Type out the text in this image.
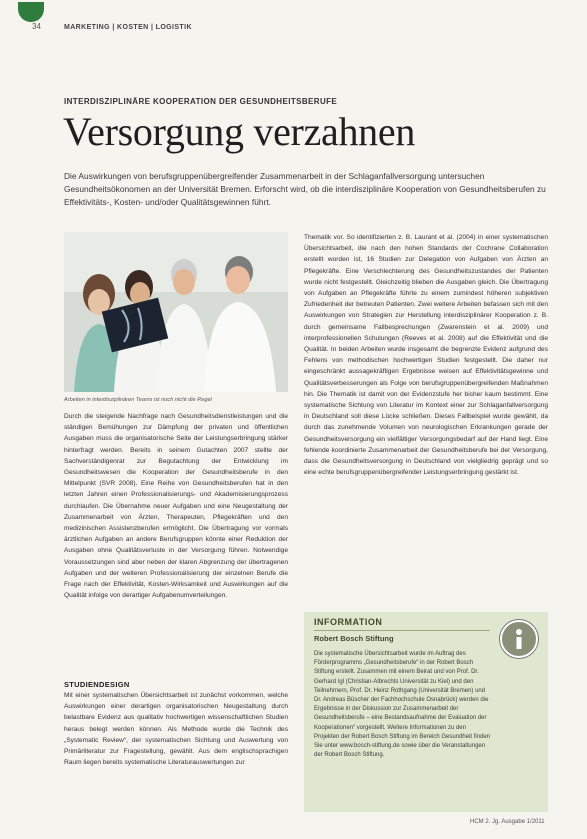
34	MARKETING | KOSTEN | LOGISTIK
INTERDISZIPLINÄRE KOOPERATION DER GESUNDHEITSBERUFE
Versorgung verzahnen
Die Auswirkungen von berufsgruppenübergreifender Zusammenarbeit in der Schlaganfallversorgung untersuchen Gesundheitsökonomen an der Universität Bremen. Erforscht wird, ob die interdisziplinäre Kooperation von Gesundheitsberufen zu Effektivitäts-, Kosten- und/oder Qualitätsgewinnen führt.
Arbeiten in interdisziplinären Teams ist noch nicht die Regel

Durch die steigende Nachfrage nach Gesundheitsdienstleistungen und die ständigen Bemühungen zur Dämpfung der privaten und öffentlichen Ausgaben muss die organisatorische Seite der Leistungserbringung stärker hinterfragt werden. Bereits in seinem Gutachten 2007 stellte der Sachverständigenrat zur Begutachtung der Entwicklung im Gesundheitswesen die Kooperation der Gesundheitsberufe in den Mittelpunkt (SVR 2008). Eine Reihe von Gesundheitsberufen hat in den letzten Jahren einen Professionalisierungs- und Akademisierungsprozess durchlaufen. Die Übernahme neuer Aufgaben und eine Neugestaltung der Zusammenarbeit von Ärzten, Therapeuten, Pflegekräften und den medizinischen Assistenzberufen ermöglicht. Die Übertragung vor vormals ärztlichen Aufgaben an andere Berufsgruppen könnte einer Reduktion der Ausgaben ohne Qualitätsverluste in der Versorgung führen. Notwendige Voraussetzungen sind aber neben der klaren Abgrenzung der übertragenen Aufgaben und der weiteren Professionalisierung der einzelnen Berufe die Frage nach der Effektivität, Kosten-Wirksamkeit und Auswirkungen auf die Qualität infolge von derartiger Aufgabenumverteilungen.

STUDIENDESIGN

Mit einer systematischen Übersichtsarbeit ist zunächst vorkommen, welche Auswirkungen einer derartigen organisatorischen Neugestaltung durch belastbare Evidenz aus qualitativ hochwertigen wissenschaftlichen Studien heraus belegt werden können. Als Methode wurde die Technik des „Systematic Review“, der systematischen Sichtung und Auswertung von Primärliteratur zur Fragestellung, gewählt. Aus dem englischsprachigen Raum liegen bereits systematische Literaturauswertungen zur

Thematik vor. So identifizierten z. B. Laurant et al. (2004) in einer systematischen Übersichtsarbeit, die nach den hohen Standards der Cochrane Collaboration erstellt worden ist, 16 Studien zur Delegation von Aufgaben von Ärzten an Pflegekräfte. Eine Verschlechterung des Gesundheitszustandes der Patienten wurde nicht festgestellt. Gleichzeitig blieben die Ausgaben gleich. Die Übertragung von Aufgaben an Pflegekräfte führte zu einem zumindest höheren subjektiven Zufriedenheit der betreuten Patienten. Zwei weitere Arbeiten befassen sich mit den Auswirkungen von Strategien zur Herstellung interdisziplinärer Kooperation z. B. durch gemeinsame Fallbesprechungen (Zwarenstein et al. 2009) und interprofessionellen Schulungen (Reeves et al. 2008) auf die Effektivität und die Qualität. In beiden Arbeiten wurde insgesamt die begrenzte Evidenz aufgrund des Fehlens von methodischen hochwertigen Studien festgestellt. Die daher nur eingeschränkt aussagekräftigen Ergebnisse weisen auf Effektivitätsgewinne und Qualitätsverbesserungen als Folge von berufsgruppenübergreifenden Maßnahmen hin. Die Thematik ist damit von der Evidenzstufe her bisher kaum bestimmt. Eine systematische Sichtung von Literatur im Kontext einer zur Schlaganfallversorgung in Deutschland soll diese Lücke schließen. Dieses Fallbeispiel wurde gewählt, da durch das zunehmende Volumen von neurologischen Erkrankungen gerade der Gesundheitsversorgung ein vielfältiger Versorgungsbedarf auf der Hand liegt. Eine fehlende koordinierte Zusammenarbeit der Gesundheitsberufe bei der Versorgung, dass die Gesundheitsversorgung in Deutschland von vielgliedrig geprägt und so eine echte berufsgruppenübergreifender Leistungserbringung gestärkt ist.

INFORMATION
Robert Bosch Stiftung
Die systematische Übersichtsarbeit wurde im Auftrag des Förderprogramms „Gesundheitsberufe“ in der Robert Bosch Stiftung erstellt. Zusammen mit einem Beirat und von Prof. Dr. Gerhard Igl (Christian-Albrechts Universität zu Kiel) und den Teilnehmern, Prof. Dr. Heinz Rothgang (Universität Bremen) und Dr. Andreas Büscher der Fachhochschule Osnabrück) werden die Ergebnisse in der Diskussion zur Zusammenarbeit der Gesundheitsberufe – eine Bestandsaufnahme der Evaluation der Kooperationen“ vorgestellt. Weitere Informationen zu den Projekten der Robert Bosch Stiftung im Bereich Gesundheit finden Sie unter www.bosch-stiftung.de sowie über die Veranstaltungen der Robert Bosch Stiftung.
HCM 2. Jg. Ausgabe 1/2011
